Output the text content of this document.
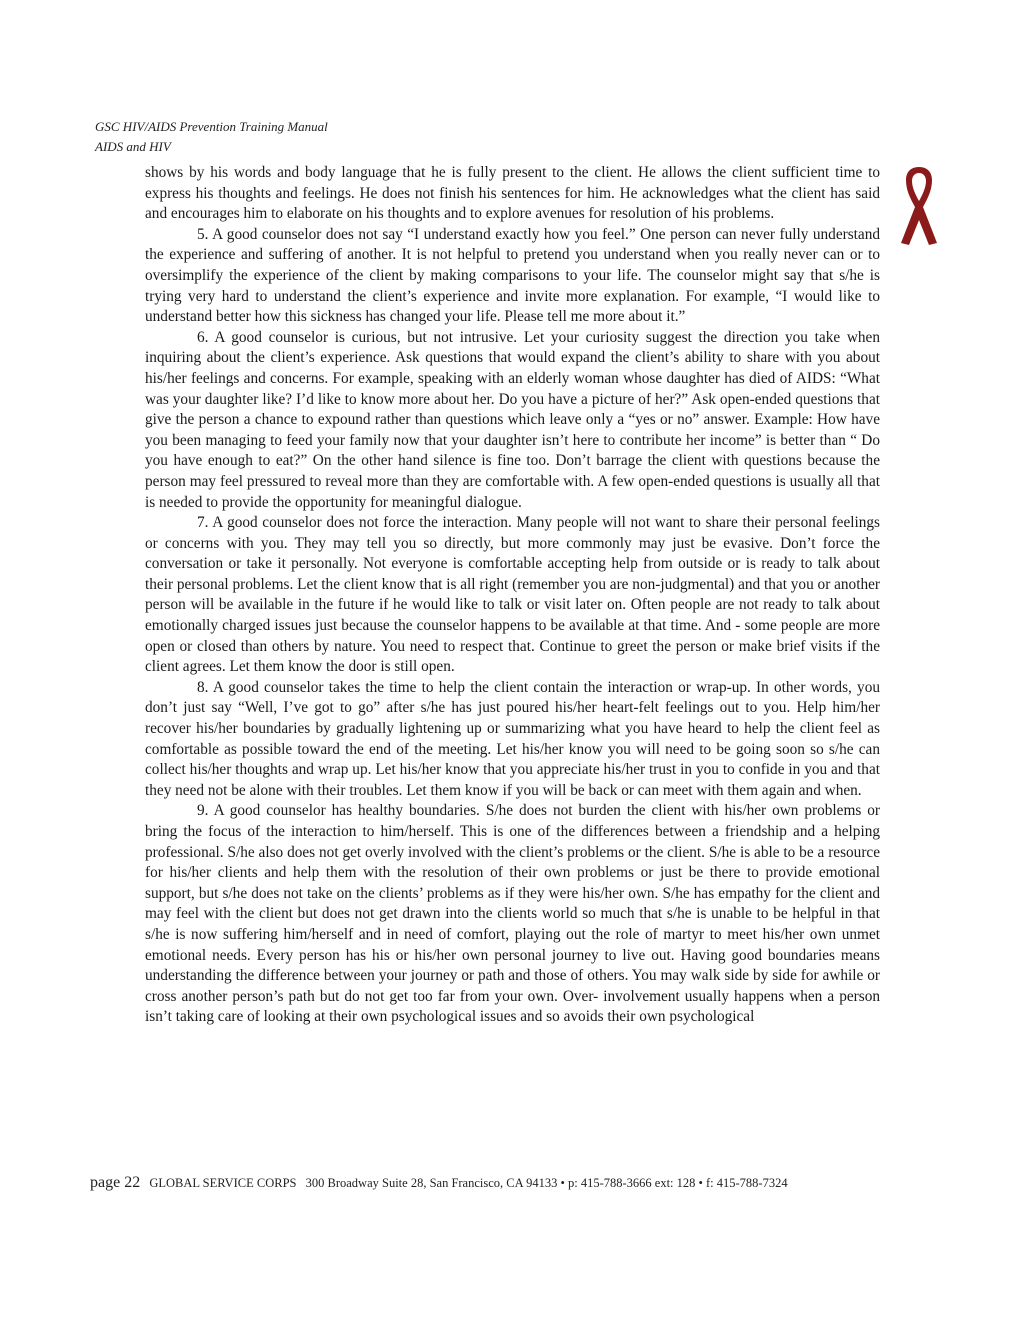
GSC HIV/AIDS Prevention Training Manual
AIDS and HIV

shows by his words and body language that he is fully present to the client. He allows the client sufficient time to express his thoughts and feelings. He does not finish his sentences for him. He acknowledges what the client has said and encourages him to elaborate on his thoughts and to explore avenues for resolution of his problems.

5. A good counselor does not say “I understand exactly how you feel.” One person can never fully understand the experience and suffering of another. It is not helpful to pretend you understand when you really never can or to oversimplify the experience of the client by making comparisons to your life. The counselor might say that s/he is trying very hard to understand the client’s experience and invite more explanation. For example, “I would like to understand better how this sickness has changed your life. Please tell me more about it.”

6. A good counselor is curious, but not intrusive. Let your curiosity suggest the direction you take when inquiring about the client’s experience. Ask questions that would expand the client’s ability to share with you about his/her feelings and concerns. For example, speaking with an elderly woman whose daughter has died of AIDS: “What was your daughter like? I’d like to know more about her. Do you have a picture of her?” Ask open-ended questions that give the person a chance to expound rather than questions which leave only a “yes or no” answer. Example: How have you been managing to feed your family now that your daughter isn’t here to contribute her income” is better than “ Do you have enough to eat?” On the other hand silence is fine too. Don’t barrage the client with questions because the person may feel pressured to reveal more than they are comfortable with. A few open-ended questions is usually all that is needed to provide the opportunity for meaningful dialogue.

7. A good counselor does not force the interaction. Many people will not want to share their personal feelings or concerns with you. They may tell you so directly, but more commonly may just be evasive. Don’t force the conversation or take it personally. Not everyone is comfortable accepting help from outside or is ready to talk about their personal problems. Let the client know that is all right (remember you are non-judgmental) and that you or another person will be available in the future if he would like to talk or visit later on. Often people are not ready to talk about emotionally charged issues just because the counselor happens to be available at that time. And - some people are more open or closed than others by nature. You need to respect that. Continue to greet the person or make brief visits if the client agrees. Let them know the door is still open.

8. A good counselor takes the time to help the client contain the interaction or wrap-up. In other words, you don’t just say “Well, I’ve got to go” after s/he has just poured his/her heart-felt feelings out to you. Help him/her recover his/her boundaries by gradually lightening up or summarizing what you have heard to help the client feel as comfortable as possible toward the end of the meeting. Let his/her know you will need to be going soon so s/he can collect his/her thoughts and wrap up. Let his/her know that you appreciate his/her trust in you to confide in you and that they need not be alone with their troubles. Let them know if you will be back or can meet with them again and when.

9. A good counselor has healthy boundaries. S/he does not burden the client with his/her own problems or bring the focus of the interaction to him/herself. This is one of the differences between a friendship and a helping professional. S/he also does not get overly involved with the client’s problems or the client. S/he is able to be a resource for his/her clients and help them with the resolution of their own problems or just be there to provide emotional support, but s/he does not take on the clients’ problems as if they were his/her own. S/he has empathy for the client and may feel with the client but does not get drawn into the clients world so much that s/he is unable to be helpful in that s/he is now suffering him/herself and in need of comfort, playing out the role of martyr to meet his/her own unmet emotional needs. Every person has his or his/her own personal journey to live out. Having good boundaries means understanding the difference between your journey or path and those of others. You may walk side by side for awhile or cross another person’s path but do not get too far from your own. Over- involvement usually happens when a person isn’t taking care of looking at their own psychological issues and so avoids their own psychological

page 22 GLOBAL SERVICE CORPS 300 Broadway Suite 28, San Francisco, CA 94133 • p: 415-788-3666 ext: 128 • f: 415-788-7324
